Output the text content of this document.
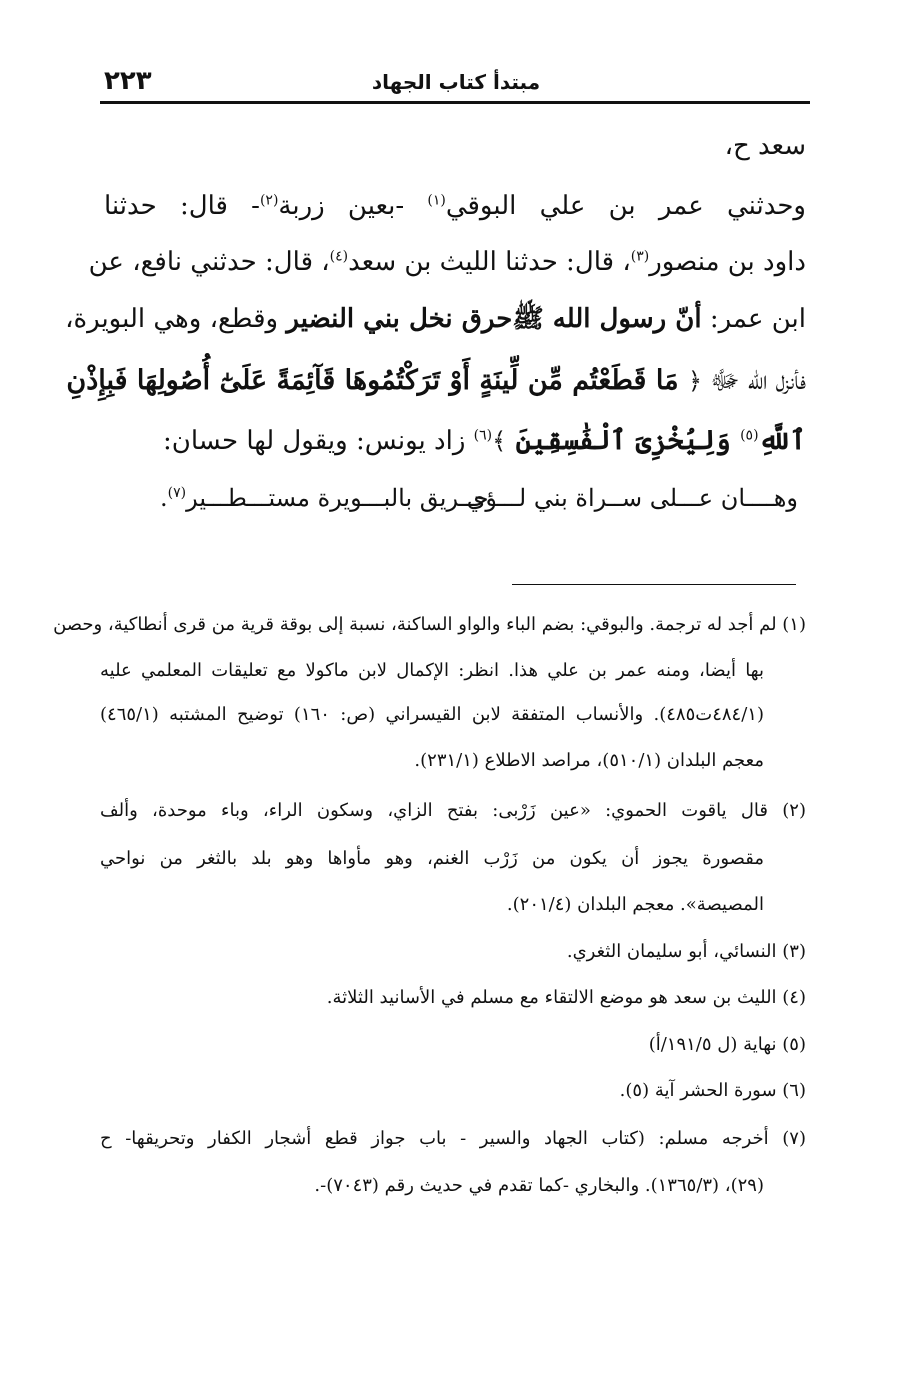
مبتدأ كتاب الجهاد
٢٢٣
سعد ح،
وحدثني عمر بن علي البوقي$^{(١)}$ -بعين زربة$^{(٢)}$- قال: حدثنا
داود بن منصور$^{(٣)}$، قال: حدثنا الليث بن سعد$^{(٤)}$، قال: حدثني نافع، عن
ابن عمر: أنّ رسول الله ﷺحرق نخل بني النضير وقطع، وهي البويرة،
فأنزل الله ﷻ ﴿ مَا قَطَعْتُم مِّن لِّينَةٍ أَوْ تَرَكْتُمُوهَا قَآئِمَةً عَلَىٰٓ أُصُولِهَا فَبِإِذْنِ
ٱللَّهِ$^{(٥)}$ وَلِيُخْزِىَ ٱلْفَٰسِقِينَ ﴾$^{(٦)}$ زاد يونس: ويقول لها حسان:
وهــــان عـــلى ســراة بني لـــؤي
حــريق بالبـــويرة مستـــطـــير$^{(٧)}$.
(١) لم أجد له ترجمة. والبوقي: بضم الباء والواو الساكنة، نسبة إلى بوقة قرية من قرى أنطاكية، وحصن
بها أيضا، ومنه عمر بن علي هذا. انظر: الإكمال لابن ماكولا مع تعليقات المعلمي عليه
(٤٨٤/١ت٤٨٥). والأنساب المتفقة لابن القيسراني (ص: ١٦٠) توضيح المشتبه (٤٦٥/١)
معجم البلدان (٥١٠/١)، مراصد الاطلاع (٢٣١/١).
(٢) قال ياقوت الحموي: «عين زَرْبى: بفتح الزاي، وسكون الراء، وباء موحدة، وألف
مقصورة يجوز أن يكون من زَرْب الغنم، وهو مأواها وهو بلد بالثغر من نواحي
المصيصة». معجم البلدان (٢٠١/٤).
(٣) النسائي، أبو سليمان الثغري.
(٤) الليث بن سعد هو موضع الالتقاء مع مسلم في الأسانيد الثلاثة.
(٥) نهاية (ل ١٩١/٥/أ)
(٦) سورة الحشر آية (٥).
(٧) أخرجه مسلم: (كتاب الجهاد والسير - باب جواز قطع أشجار الكفار وتحريقها- ح
(٢٩)، (١٣٦٥/٣). والبخاري -كما تقدم في حديث رقم (٧٠٤٣)-.
